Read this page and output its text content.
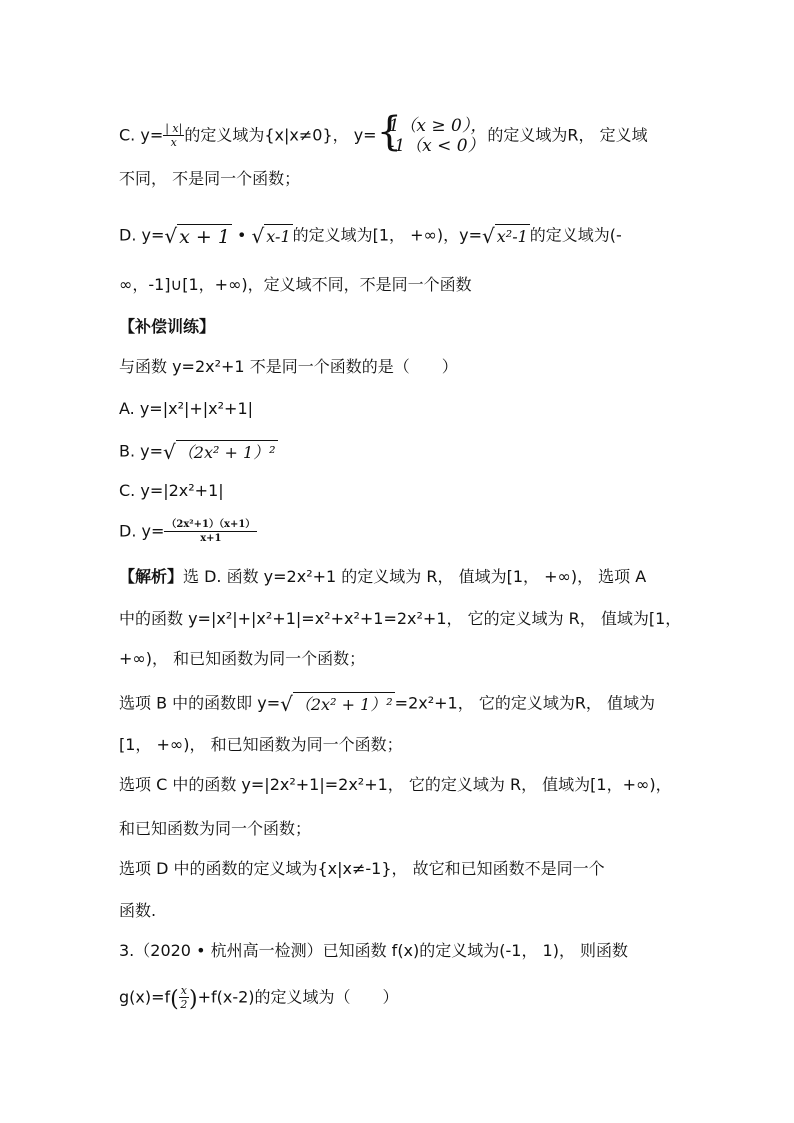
C. $y= \frac{| x|}{x}$ 的定义域为{x|x≠0}， y= {
1（x ≥ 0），
-1（x < 0）
的定义域为R， 定义域
不同， 不是同一个函数；
D. y=√ x + 1 • √ x-1 的定义域为[1， +∞)，y=√ x²-1 的定义域为(-
∞，-1]∪[1，+∞)，定义域不同，不是同一个函数
【补偿训练】
与函数 y=2x²+1 不是同一个函数的是（　　）
A. y=|x²|+|x²+1|
B. y=√ （2x² + 1）²
C. y=|2x²+1|
D. $y= \frac{\text{（2x²+1）（x+1）}}{x+1}$
【解析】选 D. 函数 y=2x²+1 的定义域为 R， 值域为[1， +∞)， 选项 A
中的函数 y=|x²|+|x²+1|=x²+x²+1=2x²+1， 它的定义域为 R， 值域为[1，
+∞)， 和已知函数为同一个函数；
选项 B 中的函数即 y=√ （2x² + 1）² =2x²+1， 它的定义域为R， 值域为
[1， +∞)， 和已知函数为同一个函数；
选项 C 中的函数 y=|2x²+1|=2x²+1， 它的定义域为 R， 值域为[1，+∞)，
和已知函数为同一个函数；
选项 D 中的函数的定义域为{x|x≠-1}， 故它和已知函数不是同一个
函数.
3.（2020 • 杭州高一检测）已知函数 f(x)的定义域为(-1， 1)， 则函数
$g(x)=f( \frac{x}{2} )+f(x-2)$的定义域为（　　）
